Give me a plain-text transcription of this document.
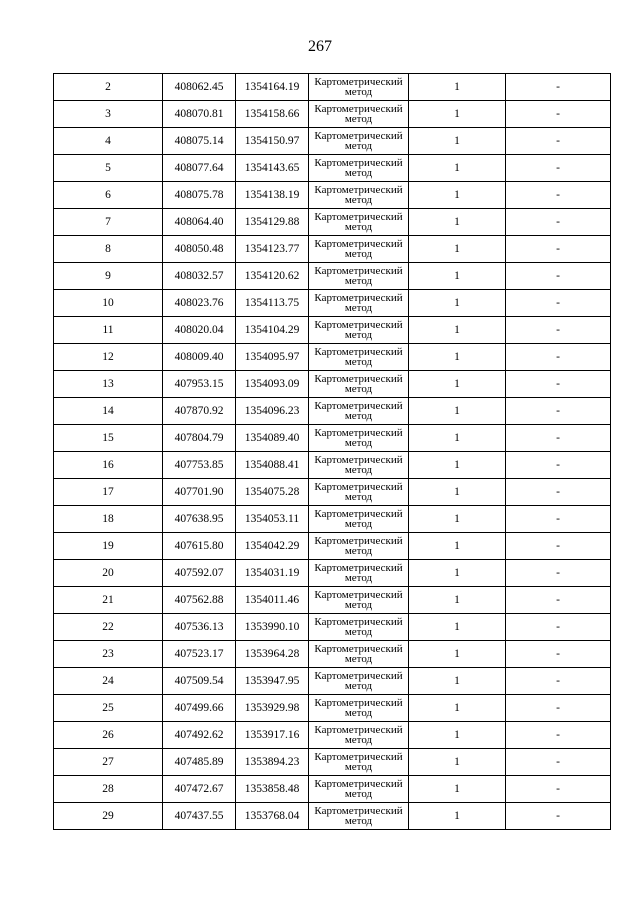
267
2	408062.45	1354164.19	Картометрический метод	1	-
3	408070.81	1354158.66	Картометрический метод	1	-
4	408075.14	1354150.97	Картометрический метод	1	-
5	408077.64	1354143.65	Картометрический метод	1	-
6	408075.78	1354138.19	Картометрический метод	1	-
7	408064.40	1354129.88	Картометрический метод	1	-
8	408050.48	1354123.77	Картометрический метод	1	-
9	408032.57	1354120.62	Картометрический метод	1	-
10	408023.76	1354113.75	Картометрический метод	1	-
11	408020.04	1354104.29	Картометрический метод	1	-
12	408009.40	1354095.97	Картометрический метод	1	-
13	407953.15	1354093.09	Картометрический метод	1	-
14	407870.92	1354096.23	Картометрический метод	1	-
15	407804.79	1354089.40	Картометрический метод	1	-
16	407753.85	1354088.41	Картометрический метод	1	-
17	407701.90	1354075.28	Картометрический метод	1	-
18	407638.95	1354053.11	Картометрический метод	1	-
19	407615.80	1354042.29	Картометрический метод	1	-
20	407592.07	1354031.19	Картометрический метод	1	-
21	407562.88	1354011.46	Картометрический метод	1	-
22	407536.13	1353990.10	Картометрический метод	1	-
23	407523.17	1353964.28	Картометрический метод	1	-
24	407509.54	1353947.95	Картометрический метод	1	-
25	407499.66	1353929.98	Картометрический метод	1	-
26	407492.62	1353917.16	Картометрический метод	1	-
27	407485.89	1353894.23	Картометрический метод	1	-
28	407472.67	1353858.48	Картометрический метод	1	-
29	407437.55	1353768.04	Картометрический метод	1	-
